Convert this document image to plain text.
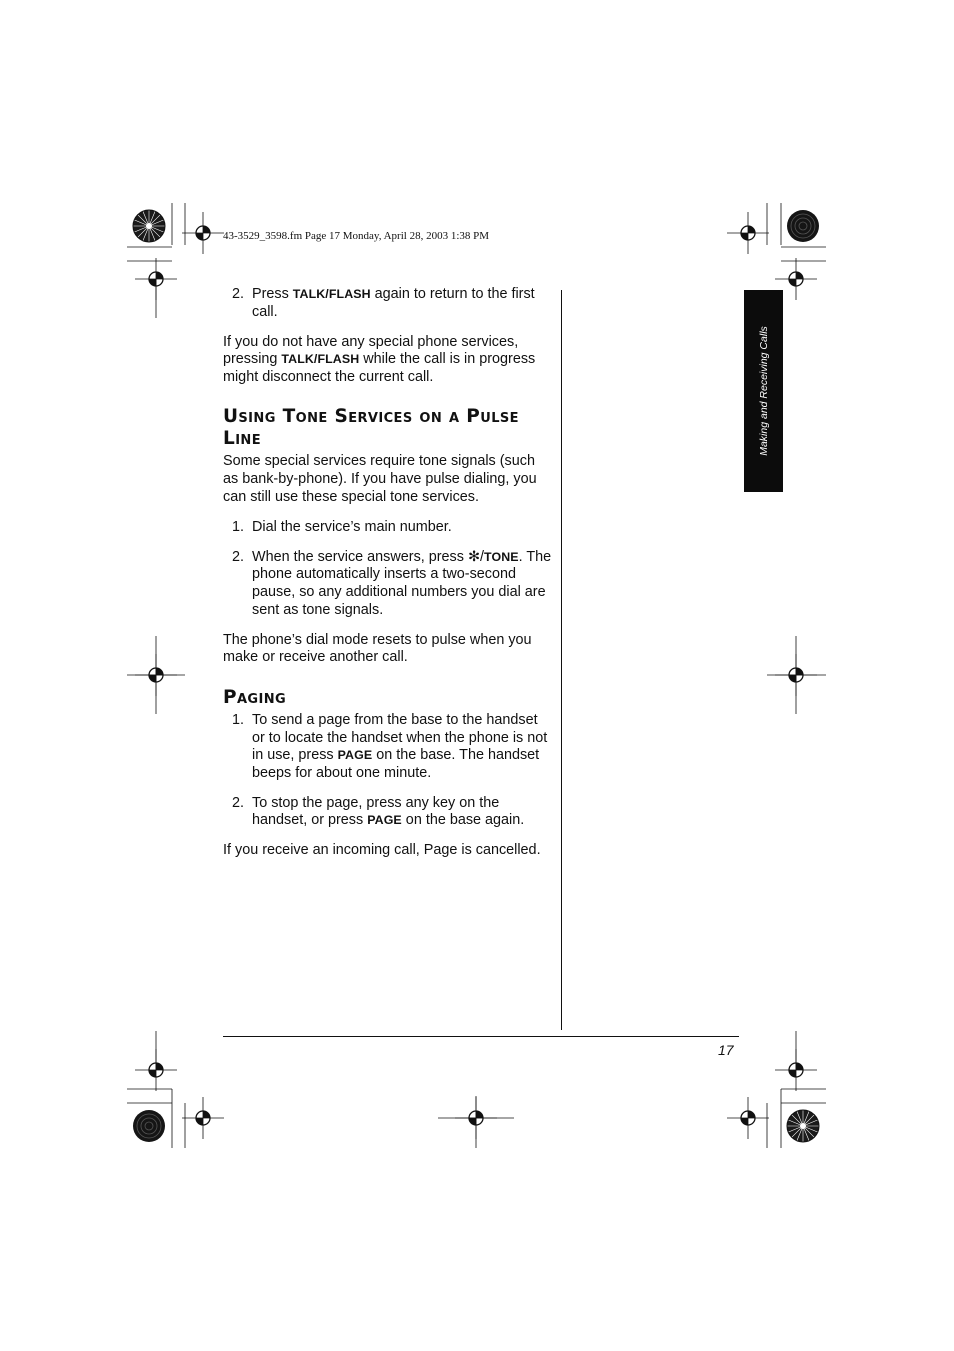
43-3529_3598.fm Page 17 Monday, April 28, 2003 1:38 PM
Making and Receiving Calls
2. Press TALK/FLASH again to return to the first call.

If you do not have any special phone services, pressing TALK/FLASH while the call is in progress might disconnect the current call.

Using Tone Services on a Pulse Line

Some special services require tone signals (such as bank-by-phone). If you have pulse dialing, you can still use these special tone services.

1. Dial the service’s main number.
2. When the service answers, press ✻/TONE. The phone automatically inserts a two-second pause, so any additional numbers you dial are sent as tone signals.

The phone’s dial mode resets to pulse when you make or receive another call.

Paging
1. To send a page from the base to the handset or to locate the handset when the phone is not in use, press PAGE on the base. The handset beeps for about one minute.
2. To stop the page, press any key on the handset, or press PAGE on the base again.

If you receive an incoming call, Page is cancelled.

17
